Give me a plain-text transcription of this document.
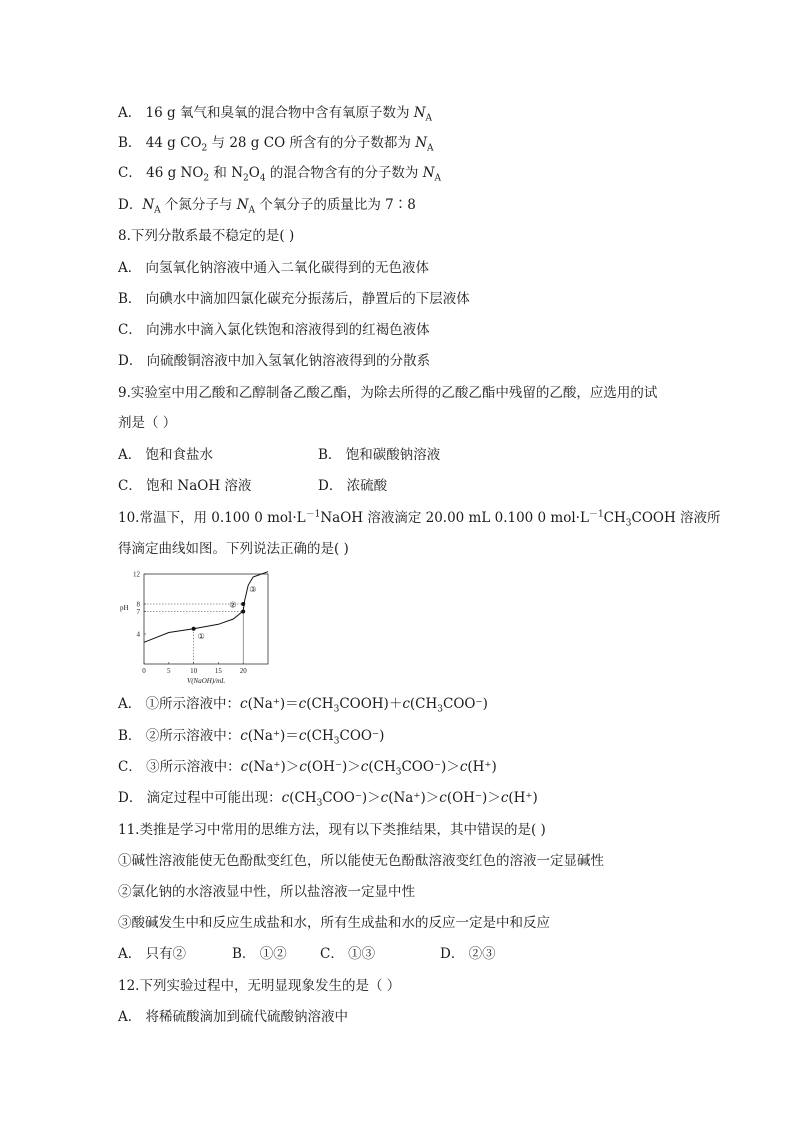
A． 16 g 氧气和臭氧的混合物中含有氧原子数为 $N_A$
B． 44 g $CO_2$ 与 28 g CO 所含有的分子数都为 $N_A$
C． 46 g $NO_2$ 和 $N_2O_4$ 的混合物含有的分子数为 $N_A$
D．$N_A$ 个氮分子与 $N_A$ 个氧分子的质量比为 7∶8
8.下列分散系最不稳定的是( )
A． 向氢氧化钠溶液中通入二氧化碳得到的无色液体
B． 向碘水中滴加四氯化碳充分振荡后，静置后的下层液体
C． 向沸水中滴入氯化铁饱和溶液得到的红褐色液体
D． 向硫酸铜溶液中加入氢氧化钠溶液得到的分散系
9.实验室中用乙酸和乙醇制备乙酸乙酯，为除去所得的乙酸乙酯中残留的乙酸，应选用的试
剂是（ ）
A． 饱和食盐水	B． 饱和碳酸钠溶液
C． 饱和 NaOH 溶液	D． 浓硫酸
10.常温下，用 0.100 0 $mol\cdot L^{-1}NaOH$ 溶液滴定 20.00 mL 0.100 0 $mol\cdot L^{-1}CH_3COOH$ 溶液所
得滴定曲线如图。下列说法正确的是( )
0	5	10	15	20
12
8
7
4
pH
V(NaOH)/mL
①
②
③
A． ①所示溶液中：$c(Na^+)=c(CH_3COOH)+c(CH_3COO^-)$
B． ②所示溶液中：$c(Na^+)=c(CH_3COO^-)$
C． ③所示溶液中：$c(Na^+)>c(OH^-)>c(CH_3COO^-)>c(H^+)$
D． 滴定过程中可能出现：$c(CH_3COO^-)>c(Na^+)>c(OH^-)>c(H^+)$
11.类推是学习中常用的思维方法，现有以下类推结果，其中错误的是( )
①碱性溶液能使无色酚酞变红色，所以能使无色酚酞溶液变红色的溶液一定显碱性
②氯化钠的水溶液显中性，所以盐溶液一定显中性
③酸碱发生中和反应生成盐和水，所有生成盐和水的反应一定是中和反应
A． 只有②	B． ①② C． ①③	D． ②③
12.下列实验过程中，无明显现象发生的是（ ）
A． 将稀硫酸滴加到硫代硫酸钠溶液中
